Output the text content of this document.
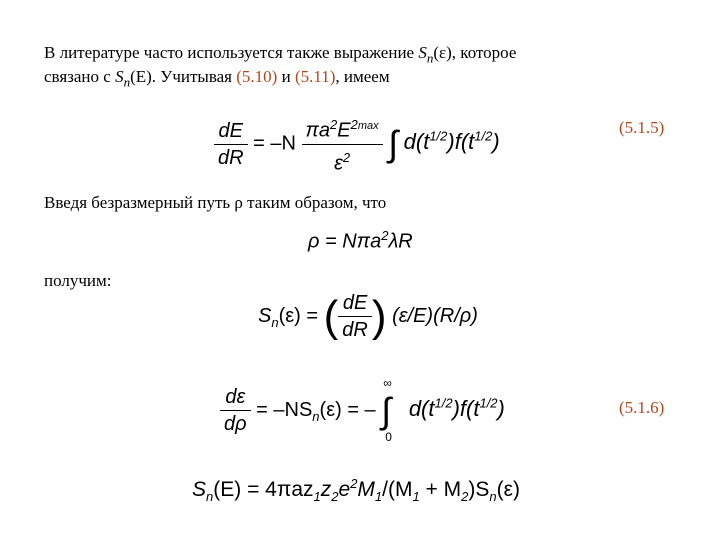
В литературе часто используется также выражение $S_n(\varepsilon)$, которое
связано с $S_n(E)$. Учитывая (5.10) и (5.11), имеем
$\frac{dE}{dR} = -N \frac{\pi a^2E^{2max}}{\varepsilon^2}$ ∫ $d(t^{1/2})f(t^{1/2})$
(5.1.5)
Введя безразмерный путь ρ таким образом, что
ρ = Nπa$^2$λR
получим:
$S_n(\varepsilon)$ = ( $\frac{dE}{dR}$ ) (ε/E)(R/ρ)
$\frac{d\varepsilon}{d\rho} = -NS_n(\varepsilon)$ = – ∫
∞
0
$d(t^{1/2})f(t^{1/2})$	(5.1.6)
$S_n(E) = 4\pi az_1z_2e^2M_1/(M_1 + M_2)S_n(\varepsilon)$
